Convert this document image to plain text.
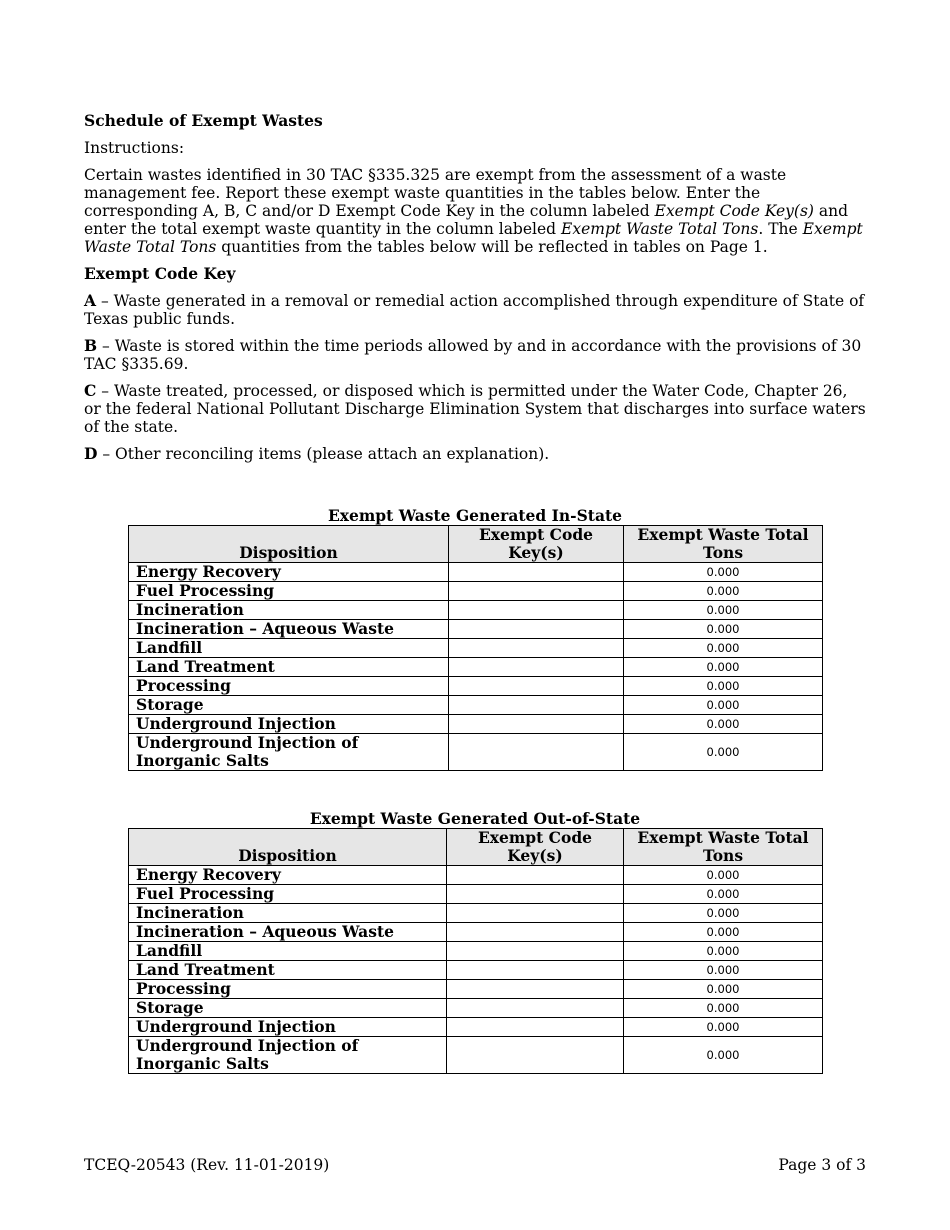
Schedule of Exempt Wastes
Instructions:
Certain wastes identified in 30 TAC §335.325 are exempt from the assessment of a waste management fee. Report these exempt waste quantities in the tables below. Enter the corresponding A, B, C and/or D Exempt Code Key in the column labeled Exempt Code Key(s) and enter the total exempt waste quantity in the column labeled Exempt Waste Total Tons. The Exempt Waste Total Tons quantities from the tables below will be reflected in tables on Page 1.
Exempt Code Key
A – Waste generated in a removal or remedial action accomplished through expenditure of State of Texas public funds.
B – Waste is stored within the time periods allowed by and in accordance with the provisions of 30 TAC §335.69.
C – Waste treated, processed, or disposed which is permitted under the Water Code, Chapter 26, or the federal National Pollutant Discharge Elimination System that discharges into surface waters of the state.
D – Other reconciling items (please attach an explanation).
Exempt Waste Generated In-State
Disposition	Exempt Code Key(s)	Exempt Waste Total Tons
Energy Recovery		0.000
Fuel Processing		0.000
Incineration		0.000
Incineration – Aqueous Waste		0.000
Landfill		0.000
Land Treatment		0.000
Processing		0.000
Storage		0.000
Underground Injection		0.000
Underground Injection of Inorganic Salts		0.000
Exempt Waste Generated Out-of-State
Disposition	Exempt Code Key(s)	Exempt Waste Total Tons
Energy Recovery		0.000
Fuel Processing		0.000
Incineration		0.000
Incineration – Aqueous Waste		0.000
Landfill		0.000
Land Treatment		0.000
Processing		0.000
Storage		0.000
Underground Injection		0.000
Underground Injection of Inorganic Salts		0.000
TCEQ-20543 (Rev. 11-01-2019)	Page 3 of 3
